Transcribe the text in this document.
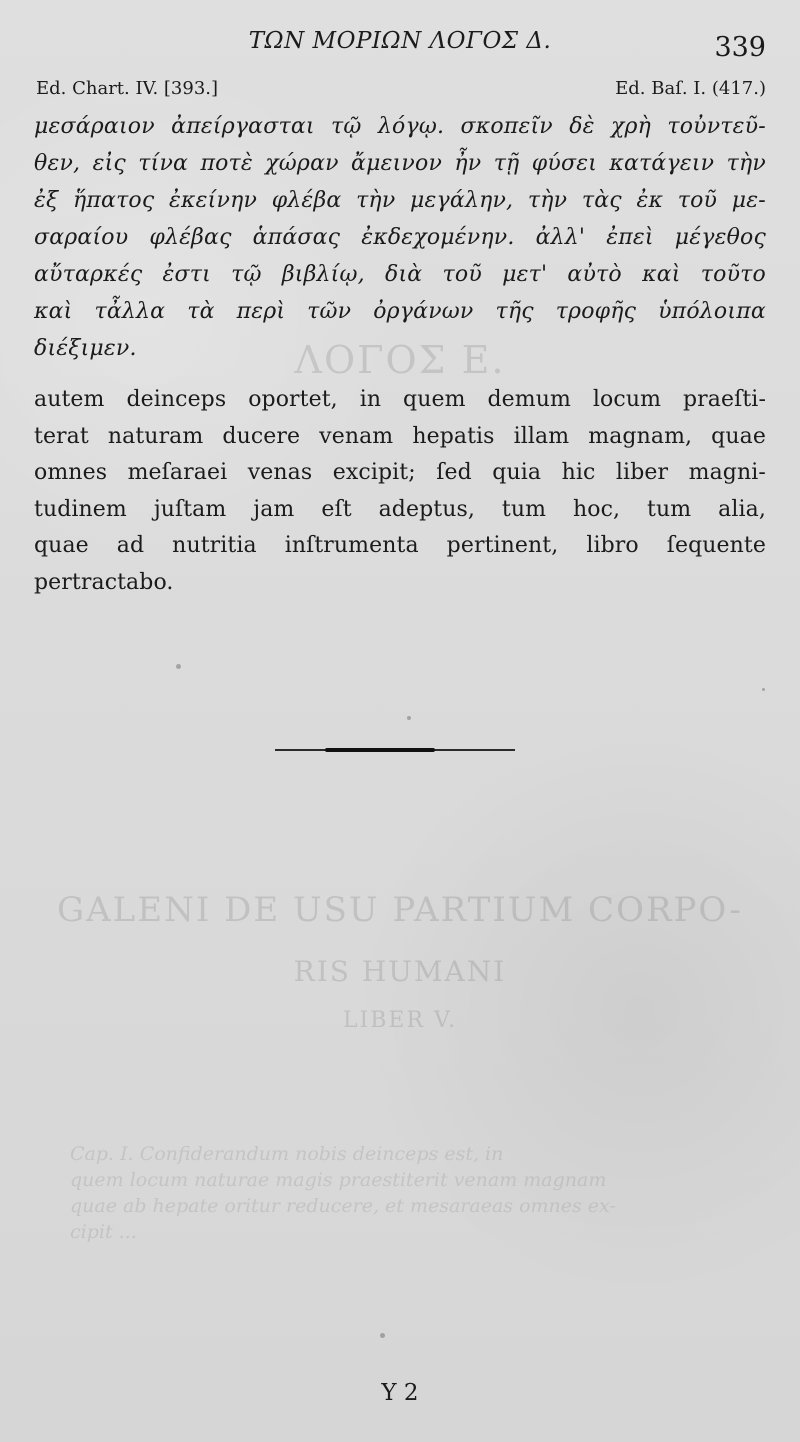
ΛΟΓΟΣ Ε.
GALENI DE USU PARTIUM CORPO-
RIS HUMANI
LIBER V.

Cap. I. Confiderandum nobis deinceps est, in
quem locum naturae magis praestiterit venam magnam
quae ab hepate oritur reducere, et mesaraeas omnes ex-
cipit ...

ΤΩΝ ΜΟΡΙΩΝ ΛΟΓΟΣ Δ.	339
Ed. Chart. IV. [393.]	Ed. Baſ. I. (417.)
μεσάραιον ἀπείργασται τῷ λόγῳ. σκοπεῖν δὲ χρὴ τοὐντεῦ-
θεν, εἰς τίνα ποτὲ χώραν ἄμεινον ἦν τῇ φύσει κατάγειν τὴν
ἐξ ἥπατος ἐκείνην φλέβα τὴν μεγάλην, τὴν τὰς ἐκ τοῦ με-
σαραίου φλέβας ἁπάσας ἐκδεχομένην. ἀλλ' ἐπεὶ μέγεθος
αὔταρκές ἐστι τῷ βιβλίῳ, διὰ τοῦ μετ' αὐτὸ καὶ τοῦτο
καὶ τἆλλα τὰ περὶ τῶν ὀργάνων τῆς τροφῆς ὑπόλοιπα
διέξιμεν.
autem deinceps oportet, in quem demum locum praeſti-
terat naturam ducere venam hepatis illam magnam, quae
omnes meſaraei venas excipit; ſed quia hic liber magni-
tudinem juſtam jam eſt adeptus, tum hoc, tum alia,
quae ad nutritia inſtrumenta pertinent, libro ſequente
pertractabo.
Y 2
